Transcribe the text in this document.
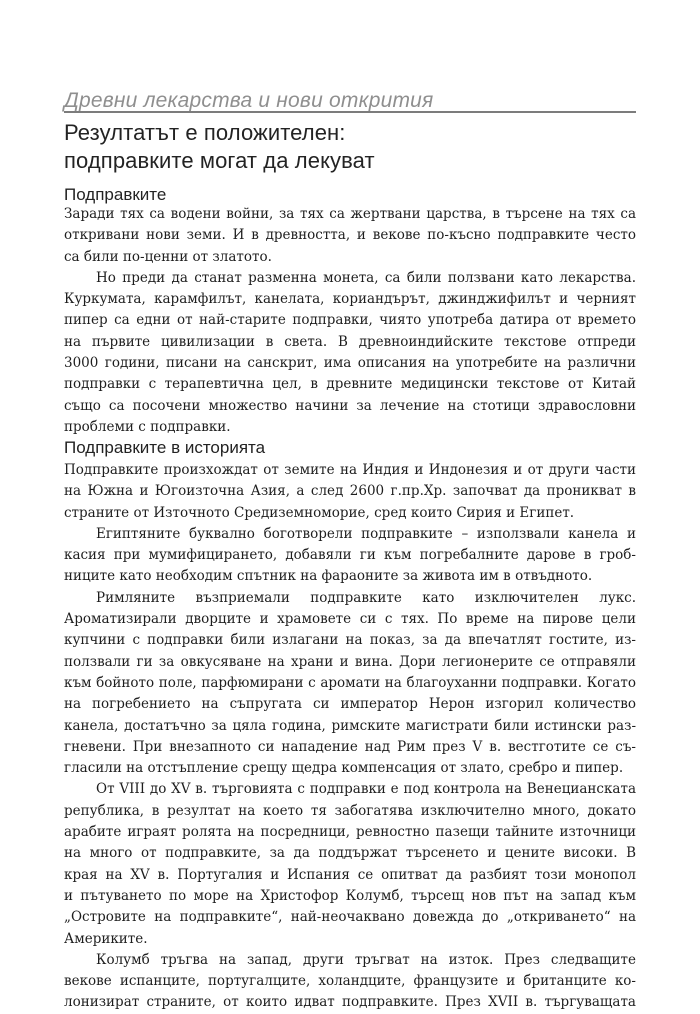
Древни лекарства и нови открития
Резултатът е положителен:
подправките могат да лекуват
Подправките
Заради тях са водени войни, за тях са жертвани царства, в търсене на тях са
откривани нови земи. И в древността, и векове по-късно подправките често
са били по-ценни от златото.
Но преди да станат разменна монета, са били ползвани като лекарства.
Куркумата, карамфилът, канелата, кориандърът, джинджифилът и черният
пипер са едни от най-старите подправки, чиято употреба датира от времето
на първите цивилизации в света. В древноиндийските текстове отпреди
3000 години, писани на санскрит, има описания на употребите на различни
подправки с терапевтична цел, в древните медицински текстове от Китай
също са посочени множество начини за лечение на стотици здравословни
проблеми с подправки.
Подправките в историята
Подправките произхождат от земите на Индия и Индонезия и от други части
на Южна и Югоизточна Азия, а след 2600 г.пр.Хр. започват да проникват в
страните от Източното Средиземноморие, сред които Сирия и Египет.
Египтяните буквално боготворели подправките – използвали канела и
касия при мумифицирането, добавяли ги към погребалните дарове в гроб-
ниците като необходим спътник на фараоните за живота им в отвъдното.
Римляните възприемали подправките като изключителен лукс.
Ароматизирали дворците и храмовете си с тях. По време на пирове цели
купчини с подправки били излагани на показ, за да впечатлят гостите, из-
ползвали ги за овкусяване на храни и вина. Дори легионерите се отправяли
към бойното поле, парфюмирани с аромати на благоуханни подправки. Когато
на погребението на съпругата си император Нерон изгорил количество
канела, достатъчно за цяла година, римските магистрати били истински раз-
гневени. При внезапното си нападение над Рим през V в. вестготите се съ-
гласили на отстъпление срещу щедра компенсация от злато, сребро и пипер.
От VIII до XV в. търговията с подправки е под контрола на Венецианската
република, в резултат на което тя забогатява изключително много, докато
арабите играят ролята на посредници, ревностно пазещи тайните източници
на много от подправките, за да поддържат търсенето и цените високи. В
края на XV в. Португалия и Испания се опитват да разбият този монопол
и пътуването по море на Христофор Колумб, търсещ нов път на запад към
„Островите на подправките“, най-неочаквано довежда до „откриването“ на
Америките.
Колумб тръгва на запад, други тръгват на изток. През следващите
векове испанците, португалците, холандците, французите и британците ко-
лонизират страните, от които идват подправките. През XVII в. търгуващата
